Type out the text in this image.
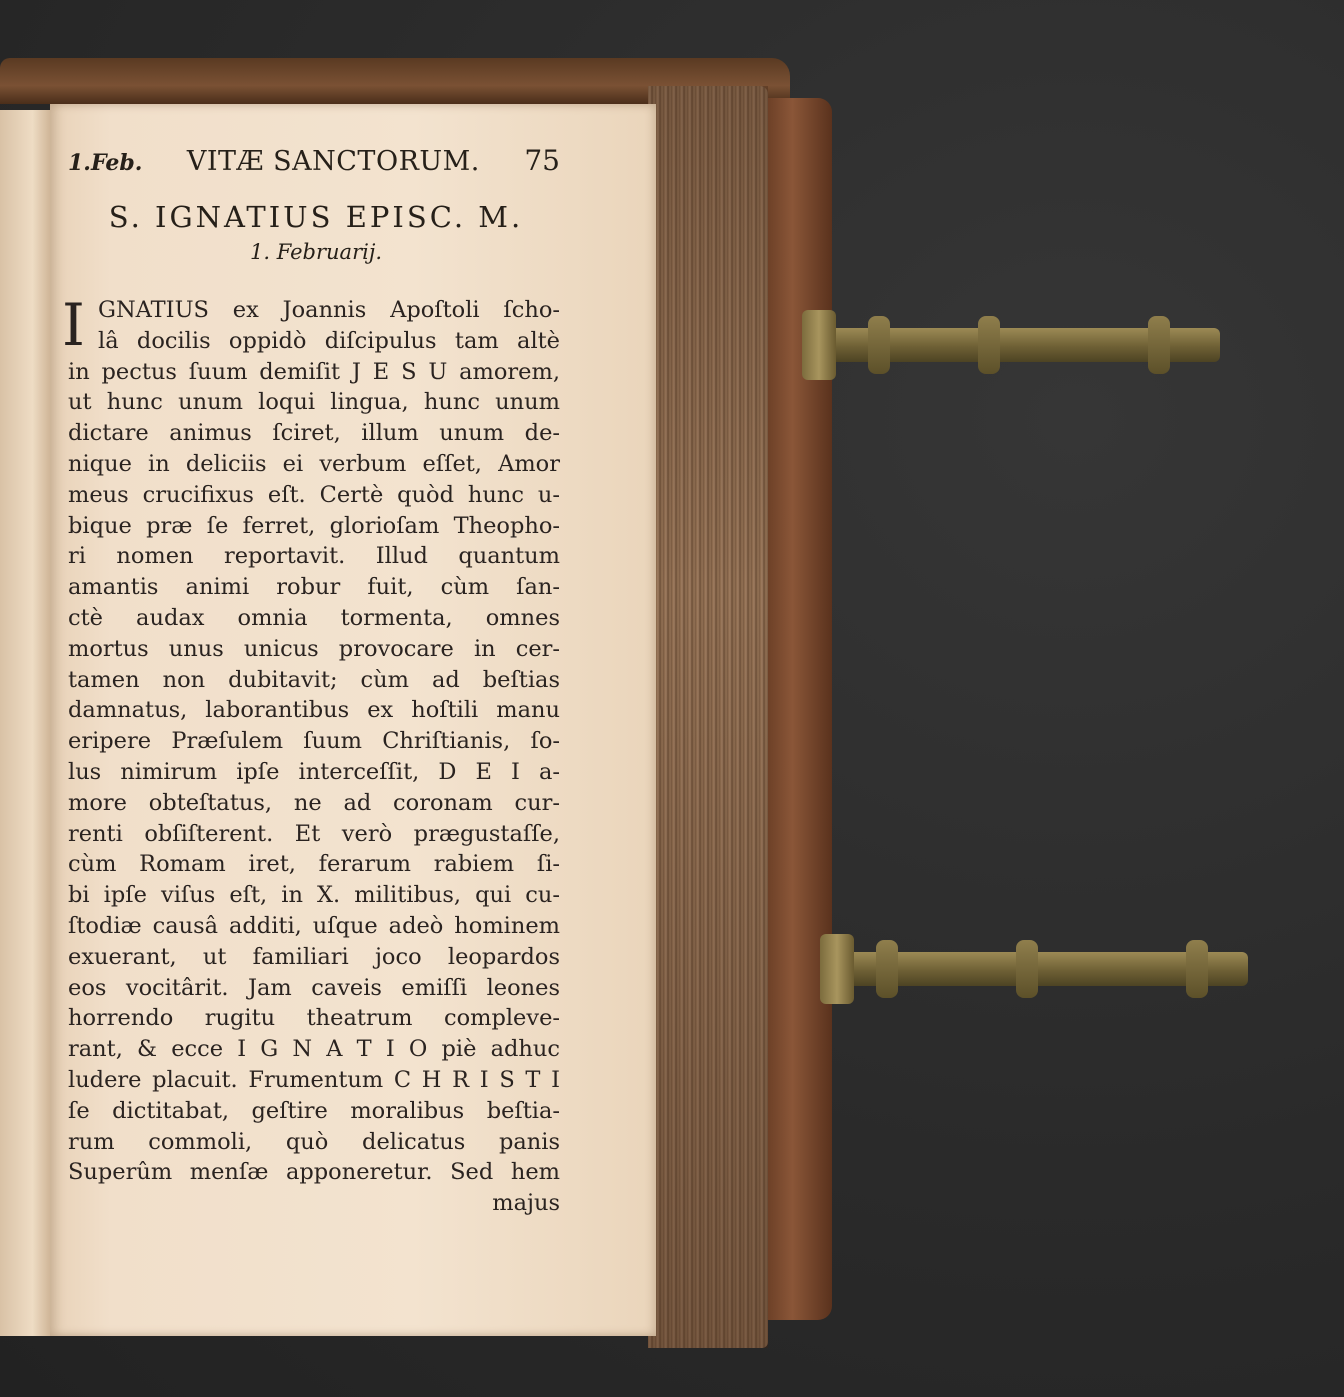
1.Feb. VITÆ SANCTORUM. 75
S. IGNATIUS EPISC. M.
1. Februarij.
I GNATIUS ex Joannis Apoſtoli ſcho-
lâ docilis oppidò diſcipulus tam altè
in pectus ſuum demiſit J E S U amorem,
ut hunc unum loqui lingua, hunc unum
dictare animus ſciret, illum unum de-
nique in deliciis ei verbum eſſet, Amor
meus crucifixus eſt. Certè quòd hunc u-
bique præ ſe ferret, glorioſam Theopho-
ri nomen reportavit. Illud quantum
amantis animi robur fuit, cùm ſan-
ctè audax omnia tormenta, omnes
mortus unus unicus provocare in cer-
tamen non dubitavit; cùm ad beſtias
damnatus, laborantibus ex hoſtili manu
eripere Præſulem ſuum Chriſtianis, ſo-
lus nimirum ipſe interceſſit, D E I a-
more obteſtatus, ne ad coronam cur-
renti obſiſterent. Et verò prægustaſſe,
cùm Romam iret, ferarum rabiem ſi-
bi ipſe viſus eſt, in X. militibus, qui cu-
ſtodiæ causâ additi, uſque adeò hominem
exuerant, ut familiari joco leopardos
eos vocitârit. Jam caveis emiſſi leones
horrendo rugitu theatrum compleve-
rant, & ecce I G N A T I O piè adhuc
ludere placuit. Frumentum C H R I S T I
ſe dictitabat, geſtire moralibus beſtia-
rum commoli, quò delicatus panis
Superûm menſæ apponeretur. Sed hem
majus
